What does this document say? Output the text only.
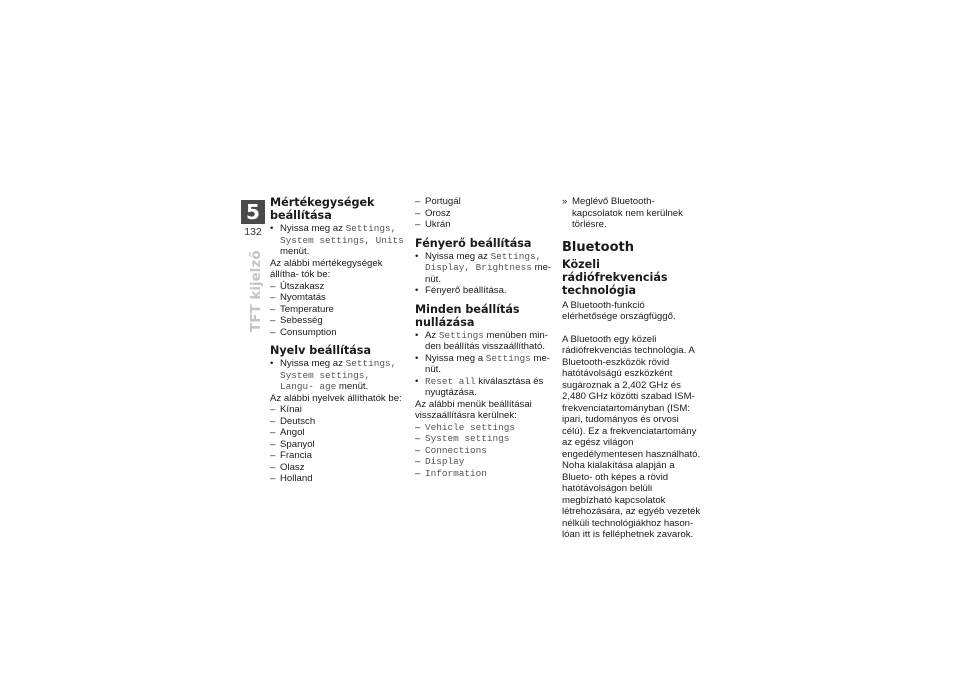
5
132
TFT kijelző
Mértékegységek beállítása

• Nyissa meg az Settings, System settings, Units menüt.

Az alábbi mértékegységek állítha- tók be:

– Útszakasz

– Nyomtatás

– Temperature

– Sebesség

– Consumption

Nyelv beállítása

• Nyissa meg az Settings, System settings, Langu- age menüt.

Az alábbi nyelvek állíthatók be:

– Kínai

– Deutsch

– Angol

– Spanyol

– Francia

– Olasz

– Holland

– Portugál

– Orosz

– Ukrán

Fényerő beállítása

• Nyissa meg az Settings, Display, Brightness me- nüt.

• Fényerő beállítása.

Minden beállítás nullázása

• Az Settings menüben min- den beállítás visszaállítható.

• Nyissa meg a Settings me- nüt.

• Reset all kiválasztása és nyugtázása.

Az alábbi menük beállításai visszaállításra kerülnek:

– Vehicle settings

– System settings

– Connections

– Display

– Information

» Meglévő Bluetooth-kapcsolatok nem kerülnek törlésre.

Bluetooth
Közeli rádiófrekvenciás technológia

A Bluetooth-funkció elérhetősége országfüggő.

A Bluetooth egy közeli rádiófrekvenciás technológia. A Bluetooth-eszközök rövid hatótávolságú eszközként sugároznak a 2,402 GHz és 2,480 GHz közötti szabad ISM- frekvenciatartományban (ISM: ipari, tudományos és orvosi célú). Ez a frekvenciatartomány az egész világon engedélymentesen használható. Noha kialakítása alapján a Blueto- oth képes a rövid hatótávolságon belüli megbízható kapcsolatok létrehozására, az egyéb vezeték nélküli technológiákhoz hason- lóan itt is felléphetnek zavarok.
